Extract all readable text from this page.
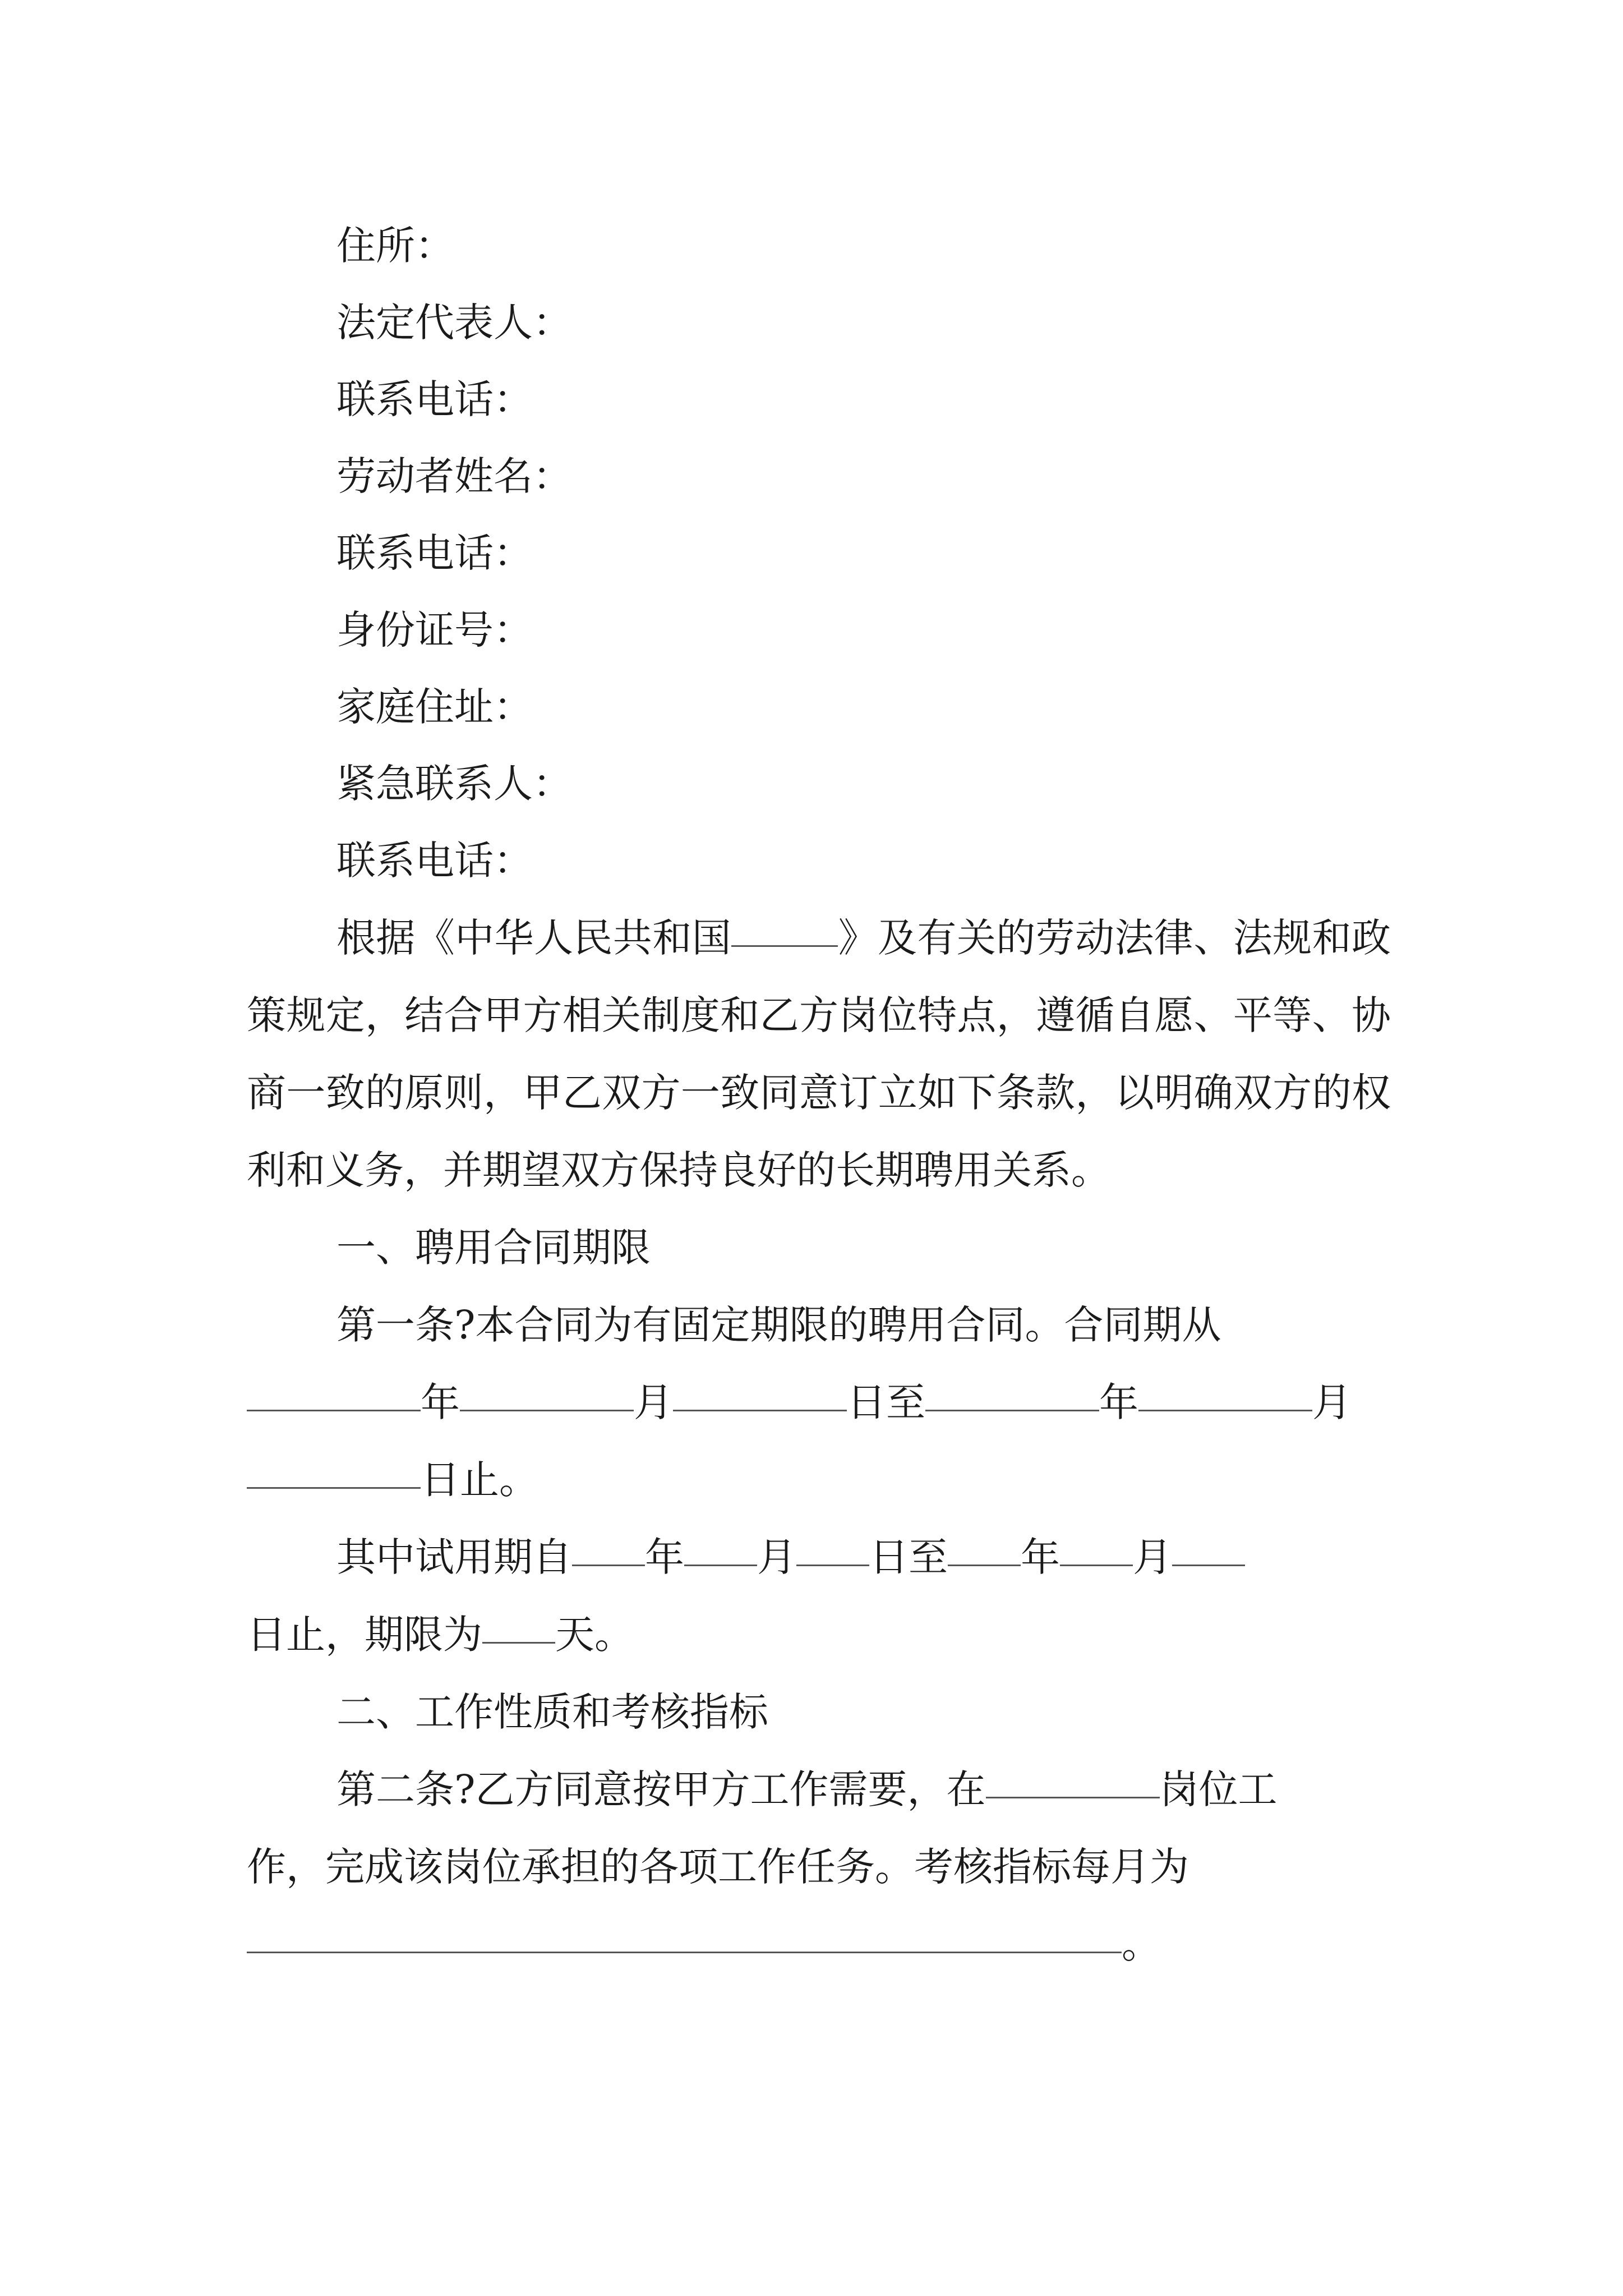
住所：
法定代表人：
联系电话：
劳动者姓名：
联系电话：
身份证号：
家庭住址：
紧急联系人：
联系电话：

根据《中华人民共和国	》及有关的劳动法律、法规和政策规定，结合甲方相关制度和乙方岗位特点，遵循自愿、平等、协商一致的原则，甲乙双方一致同意订立如下条款，以明确双方的权利和义务，并期望双方保持良好的长期聘用关系。

一、聘用合同期限
第一条?本合同为有固定期限的聘用合同。合同期从
年	月	日至	年	月
日止。
其中试用期自 年 月 日至 年 月
日止，期限为 天。
二、工作性质和考核指标
第二条?乙方同意按甲方工作需要，在	岗位工
作，完成该岗位承担的各项工作任务。考核指标每月为
。
